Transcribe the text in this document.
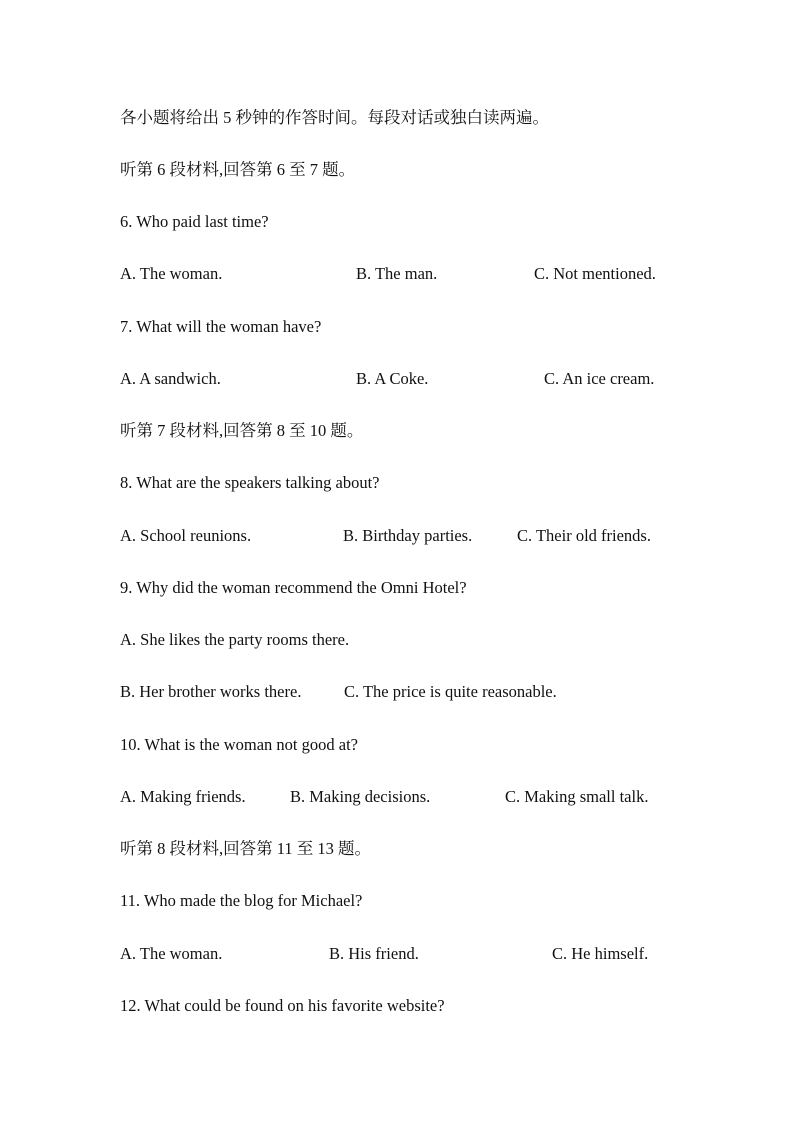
各小题将给出 5 秒钟的作答时间。每段对话或独白读两遍。
听第 6 段材料,回答第 6 至 7 题。
6. Who paid last time?
A. The woman.	B. The man.	C. Not mentioned.
7. What will the woman have?
A. A sandwich.	B. A Coke.	C. An ice cream.
听第 7 段材料,回答第 8 至 10 题。
8. What are the speakers talking about?
A. School reunions.	B. Birthday parties.	C. Their old friends.
9. Why did the woman recommend the Omni Hotel?
A. She likes the party rooms there.
B. Her brother works there.	C. The price is quite reasonable.
10. What is the woman not good at?
A. Making friends.	B. Making decisions.	C. Making small talk.
听第 8 段材料,回答第 11 至 13 题。
11. Who made the blog for Michael?
A. The woman.	B. His friend.	C. He himself.
12. What could be found on his favorite website?
